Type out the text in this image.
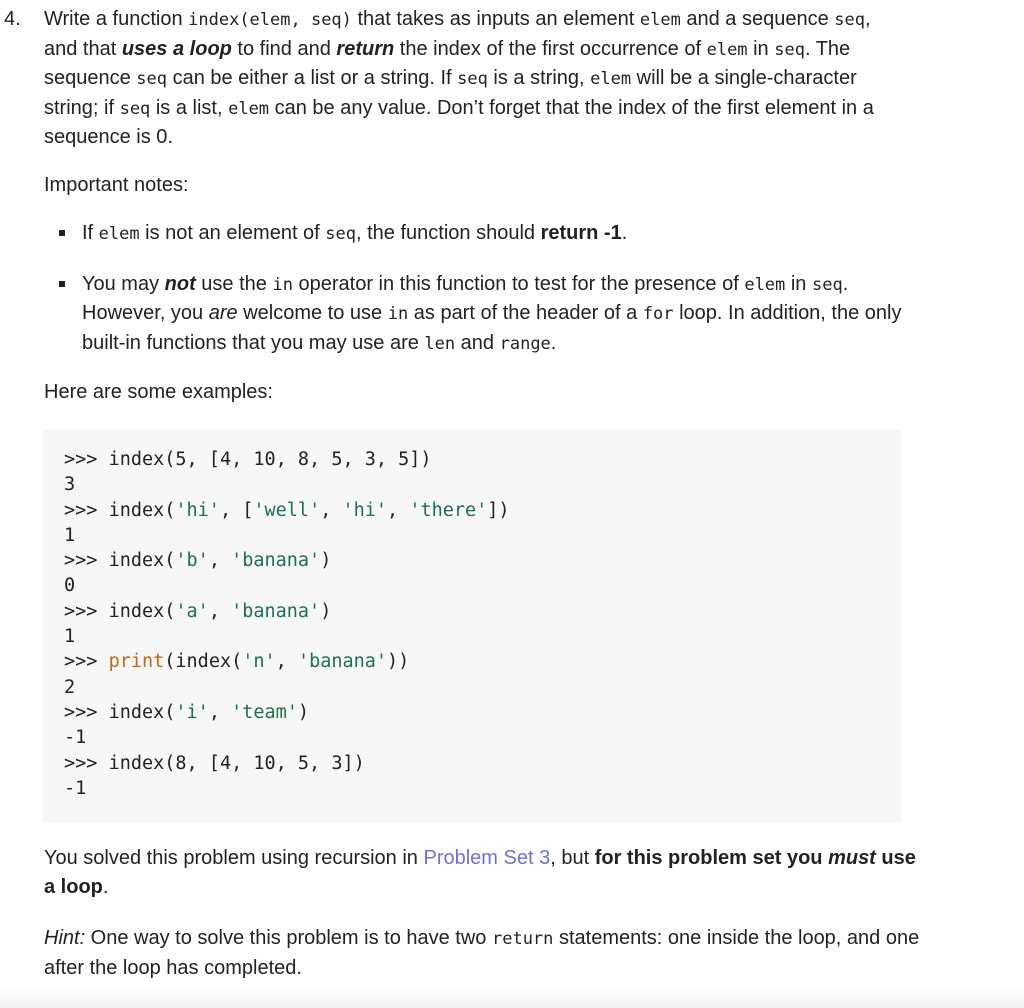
4.	Write a function index(elem, seq) that takes as inputs an element elem and a sequence seq, and that uses a loop to find and return the index of the first occurrence of elem in seq. The sequence seq can be either a list or a string. If seq is a string, elem will be a single-character string; if seq is a list, elem can be any value. Don’t forget that the index of the first element in a sequence is 0.
Important notes:
If elem is not an element of seq, the function should return -1.
You may not use the in operator in this function to test for the presence of elem in seq. However, you are welcome to use in as part of the header of a for loop. In addition, the only built-in functions that you may use are len and range.
Here are some examples:
>>> index(5, [4, 10, 8, 5, 3, 5])
3
>>> index('hi', ['well', 'hi', 'there'])
1
>>> index('b', 'banana')
0
>>> index('a', 'banana')
1
>>> print(index('n', 'banana'))
2
>>> index('i', 'team')
-1
>>> index(8, [4, 10, 5, 3])
-1
You solved this problem using recursion in Problem Set 3, but for this problem set you must use a loop.
Hint: One way to solve this problem is to have two return statements: one inside the loop, and one after the loop has completed.
